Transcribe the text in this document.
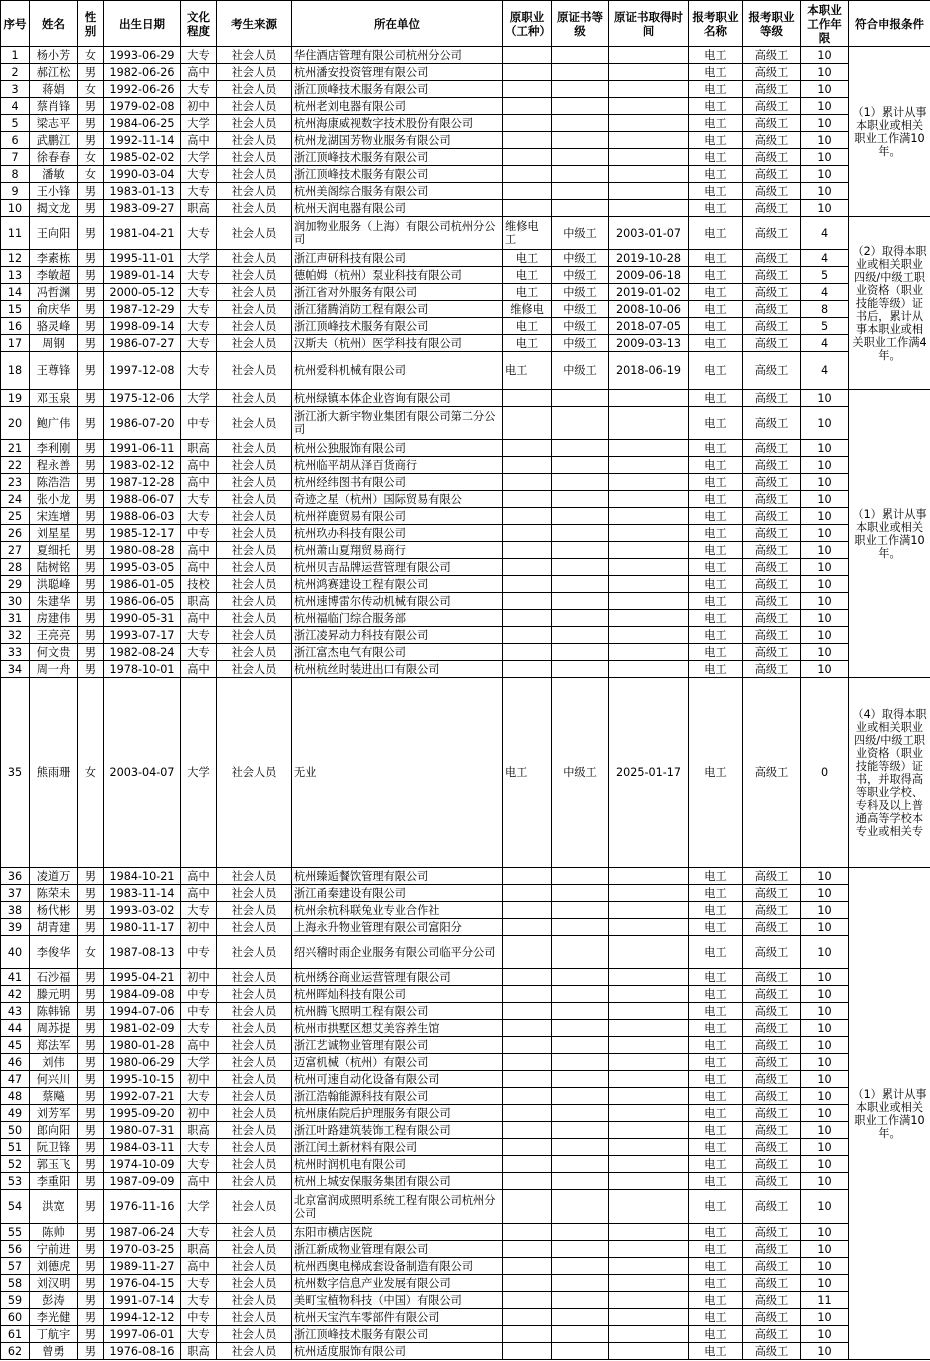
序号	姓名	性别	出生日期	文化程度	考生来源	所在单位	原职业（工种）	原证书等级	原证书取得时间	报考职业名称	报考职业等级	本职业工作年限	符合申报条件
1	杨小芳	女	1993-06-29	大专	社会人员	华住酒店管理有限公司杭州分公司				电工	高级工	10	（1）累计从事本职业或相关职业工作满10年。
2	郝江松	男	1982-06-26	高中	社会人员	杭州潘安投资管理有限公司				电工	高级工	10	
3	蒋娟	女	1992-06-26	大专	社会人员	浙江顶峰技术服务有限公司				电工	高级工	10	
4	蔡肖锋	男	1979-02-08	初中	社会人员	杭州老刘电器有限公司				电工	高级工	10	
5	梁志平	男	1984-06-25	大学	社会人员	杭州海康威视数字技术股份有限公司				电工	高级工	10	
6	武鹏江	男	1992-11-14	高中	社会人员	杭州龙湖国芳物业服务有限公司				电工	高级工	10	
7	徐春春	女	1985-02-02	大学	社会人员	浙江顶峰技术服务有限公司				电工	高级工	10	
8	潘敏	女	1990-03-04	大专	社会人员	浙江顶峰技术服务有限公司				电工	高级工	10	
9	王小锋	男	1983-01-13	大专	社会人员	杭州美阁综合服务有限公司				电工	高级工	10	
10	揭文龙	男	1983-09-27	职高	社会人员	杭州天润电器有限公司				电工	高级工	10	
11	王向阳	男	1981-04-21	大专	社会人员	润加物业服务（上海）有限公司杭州分公司	维修电工	中级工	2003-01-07	电工	高级工	4	（2）取得本职业或相关职业四级/中级工职业资格（职业技能等级）证书后，累计从事本职业或相关职业工作满4年。
12	李素栋	男	1995-11-01	大学	社会人员	浙江声研科技有限公司	电工	中级工	2019-10-28	电工	高级工	4	
13	李敏超	男	1989-01-14	大专	社会人员	德帕姆（杭州）泵业科技有限公司	电工	中级工	2009-06-18	电工	高级工	5	
14	冯哲渊	男	2000-05-12	大专	社会人员	浙江省对外服务有限公司	电工	中级工	2019-01-02	电工	高级工	4	
15	俞庆华	男	1987-12-29	大专	社会人员	浙江猪腾消防工程有限公司	维修电	中级工	2008-10-06	电工	高级工	8	
16	骆灵峰	男	1998-09-14	大专	社会人员	浙江顶峰技术服务有限公司	电工	中级工	2018-07-05	电工	高级工	5	
17	周钢	男	1986-07-27	大专	社会人员	汉斯夫（杭州）医学科技有限公司	电工	中级工	2009-03-13	电工	高级工	4	
18	王尊锋	男	1997-12-08	大专	社会人员	杭州爱科机械有限公司	电工	中级工	2018-06-19	电工	高级工	4	
19	邓玉泉	男	1975-12-06	大学	社会人员	杭州绿镇本体企业咨询有限公司				电工	高级工	10	（1）累计从事本职业或相关职业工作满10年。
20	鲍广伟	男	1986-07-20	中专	社会人员	浙江浙大新宇物业集团有限公司第二分公司				电工	高级工	10	
21	李利刚	男	1991-06-11	职高	社会人员	杭州公独服饰有限公司				电工	高级工	10	
22	程永善	男	1983-02-12	高中	社会人员	杭州临平胡从泽百货商行				电工	高级工	10	
23	陈浩浩	男	1987-12-28	高中	社会人员	杭州经纬图书有限公司				电工	高级工	10	
24	张小龙	男	1988-06-07	大专	社会人员	奇迹之星（杭州）国际贸易有限公				电工	高级工	10	
25	宋连增	男	1988-06-03	大专	社会人员	杭州祥鹿贸易有限公司				电工	高级工	10	
26	刘星星	男	1985-12-17	中专	社会人员	杭州玖办科技有限公司				电工	高级工	10	
27	夏细托	男	1980-08-28	高中	社会人员	杭州萧山夏翔贸易商行				电工	高级工	10	
28	陆树铭	男	1995-03-05	高中	社会人员	杭州贝吉品牌运营管理有限公司				电工	高级工	10	
29	洪聪峰	男	1986-01-05	技校	社会人员	杭州鸿赛建设工程有限公司				电工	高级工	10	
30	朱建华	男	1986-06-05	职高	社会人员	杭州速博雷尔传动机械有限公司				电工	高级工	10	
31	房建伟	男	1990-05-31	高中	社会人员	杭州福临门综合服务部				电工	高级工	10	
32	王亮亮	男	1993-07-17	大专	社会人员	浙江凌昇动力科技有限公司				电工	高级工	10	
33	何文贵	男	1982-08-24	大专	社会人员	浙江富杰电气有限公司				电工	高级工	10	
34	周一舟	男	1978-10-01	高中	社会人员	杭州杭丝时装进出口有限公司				电工	高级工	10	
35	熊雨珊	女	2003-04-07	大学	社会人员	无业	电工	中级工	2025-01-17	电工	高级工	0	（4）取得本职业或相关职业四级/中级工职业资格（职业技能等级）证书，并取得高等职业学校、专科及以上普通高等学校本专业或相关专
36	凌道万	男	1984-10-21	高中	社会人员	杭州臻逅餐饮管理有限公司				电工	高级工	10	（1）累计从事本职业或相关职业工作满10年。
37	陈荣未	男	1983-11-14	高中	社会人员	浙江甬秦建设有限公司				电工	高级工	10	
38	杨代彬	男	1993-03-02	大专	社会人员	杭州余杭科联兔业专业合作社				电工	高级工	10	
39	胡青建	男	1980-11-17	初中	社会人员	上海永升物业管理有限公司富阳分				电工	高级工	10	
40	李俊华	女	1987-08-13	中专	社会人员	绍兴稽时雨企业服务有限公司临平分公司				电工	高级工	10	
41	石沙福	男	1995-04-21	初中	社会人员	杭州绣谷商业运营管理有限公司				电工	高级工	10	
42	滕元明	男	1984-09-08	中专	社会人员	杭州晖灿科技有限公司				电工	高级工	10	
43	陈韩锦	男	1994-07-06	中专	社会人员	杭州腾飞照明工程有限公司				电工	高级工	10	
44	周苏提	男	1981-02-09	大专	社会人员	杭州市拱墅区想艾美容养生馆				电工	高级工	10	
45	郑法军	男	1980-01-28	高中	社会人员	浙江艺诚物业管理有限公司				电工	高级工	10	
46	刘伟	男	1980-06-29	大学	社会人员	迈富机械（杭州）有限公司				电工	高级工	10	
47	何兴川	男	1995-10-15	初中	社会人员	杭州可速自动化设备有限公司				电工	高级工	10	
48	蔡飚	男	1992-07-21	大专	社会人员	浙江浩翰能源科技有限公司				电工	高级工	10	
49	刘芳军	男	1995-09-20	初中	社会人员	杭州康佑院后护理服务有限公司				电工	高级工	10	
50	郎向阳	男	1980-07-31	职高	社会人员	浙江叶路建筑装饰工程有限公司				电工	高级工	10	
51	阮卫锋	男	1984-03-11	大专	社会人员	浙江闰土新材料有限公司				电工	高级工	10	
52	郭玉飞	男	1974-10-09	大专	社会人员	杭州时润机电有限公司				电工	高级工	10	
53	李重阳	男	1987-09-09	高中	社会人员	杭州上城安保服务集团有限公司				电工	高级工	10	
54	洪宽	男	1976-11-16	大学	社会人员	北京富润成照明系统工程有限公司杭州分公司				电工	高级工	10	
55	陈帅	男	1987-06-24	大专	社会人员	东阳市横店医院				电工	高级工	10	
56	宁前进	男	1970-03-25	职高	社会人员	浙江新成物业管理有限公司				电工	高级工	10	
57	刘德虎	男	1989-11-27	高中	社会人员	杭州西奥电梯成套设备制造有限公司				电工	高级工	10	
58	刘汉明	男	1976-04-15	大专	社会人员	杭州数字信息产业发展有限公司				电工	高级工	10	
59	彭涛	男	1991-07-14	大专	社会人员	美町宝植物科技（中国）有限公司				电工	高级工	11	
60	李光健	男	1994-12-12	中专	社会人员	杭州天宝汽车零部件有限公司				电工	高级工	10	
61	丁航宇	男	1997-06-01	大专	社会人员	浙江顶峰技术服务有限公司				电工	高级工	10	
62	曾勇	男	1976-08-16	职高	社会人员	杭州适度服饰有限公司				电工	高级工	10	
